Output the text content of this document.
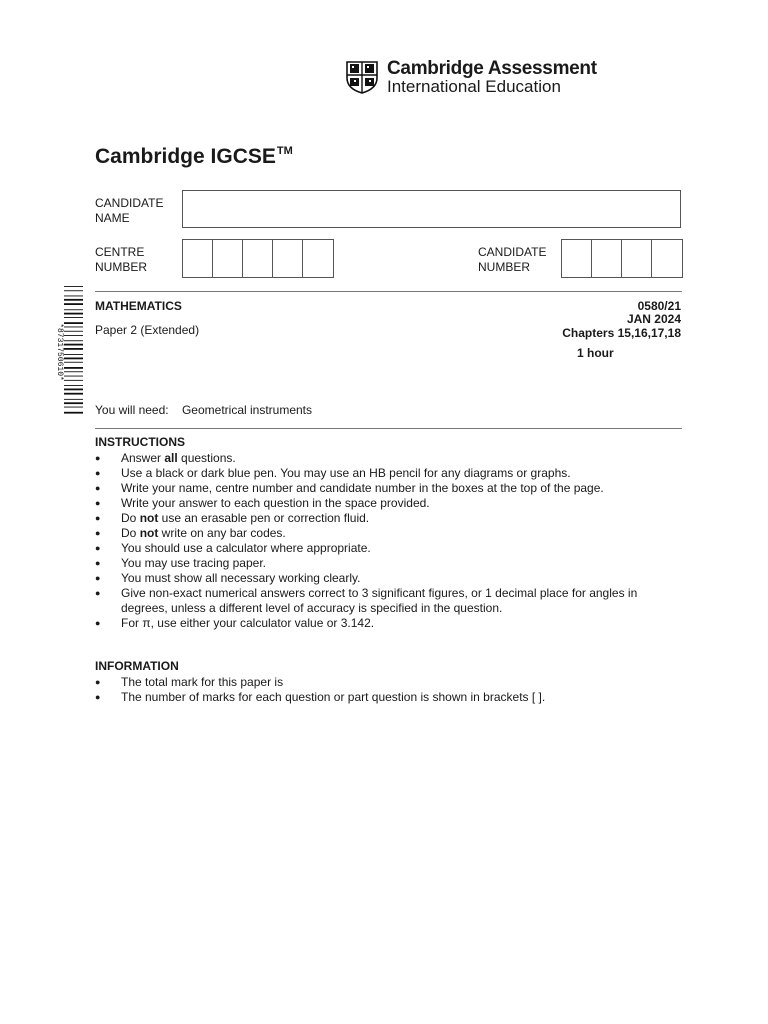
Cambridge Assessment
International Education
Cambridge IGCSE™
CANDIDATE NAME
CENTRE NUMBER
CANDIDATE NUMBER
*8731750610*
MATHEMATICS
Paper 2 (Extended)
0580/21
JAN 2024
Chapters 15,16,17,18
1 hour
You will need: Geometrical instruments
INSTRUCTIONS
● Answer all questions.
● Use a black or dark blue pen. You may use an HB pencil for any diagrams or graphs.
● Write your name, centre number and candidate number in the boxes at the top of the page.
● Write your answer to each question in the space provided.
● Do not use an erasable pen or correction fluid.
● Do not write on any bar codes.
● You should use a calculator where appropriate.
● You may use tracing paper.
● You must show all necessary working clearly.
● Give non-exact numerical answers correct to 3 significant figures, or 1 decimal place for angles in degrees, unless a different level of accuracy is specified in the question.
● For π, use either your calculator value or 3.142.
INFORMATION
● The total mark for this paper is
● The number of marks for each question or part question is shown in brackets [ ].
